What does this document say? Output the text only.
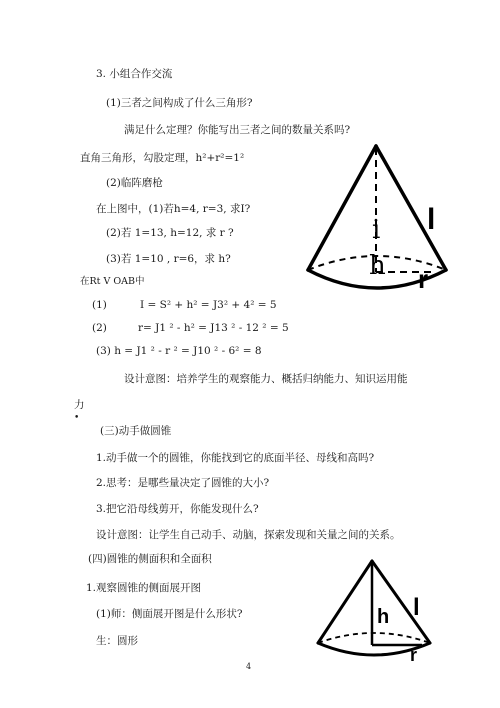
3. 小组合作交流
(1)三者之间构成了什么三角形?
满足什么定理？你能写出三者之间的数量关系吗?
直角三角形，勾股定理，h²+r²=1²
(2)临阵磨枪
在上图中，(1)若h=4, r=3, 求I?
(2)若 1=13, h=12, 求 r ?
(3)若 1=10 , r=6，求 h?
在Rt V OAB中
(1)	I = S² + h² = J3² + 4² = 5
(2)	r= J1 ² - h² = J13 ² - 12 ² = 5
(3) h = J1 ² - r ² = J10 ² - 6² = 8
设计意图：培养学生的观察能力、概括归纳能力、知识运用能
力
•
(三)动手做圆锥
1.动手做一个的圆锥，你能找到它的底面半径、母线和高吗?
2.思考：是哪些量决定了圆锥的大小?
3.把它沿母线剪开，你能发现什么?
设计意图：让学生自己动手、动脑，探索发现和关量之间的关系。
(四)圆锥的侧面积和全面积
1.观察圆锥的侧面展开图
(1)师：侧面展开图是什么形状?
生：圆形
4
i
h
l
r
h l
r
